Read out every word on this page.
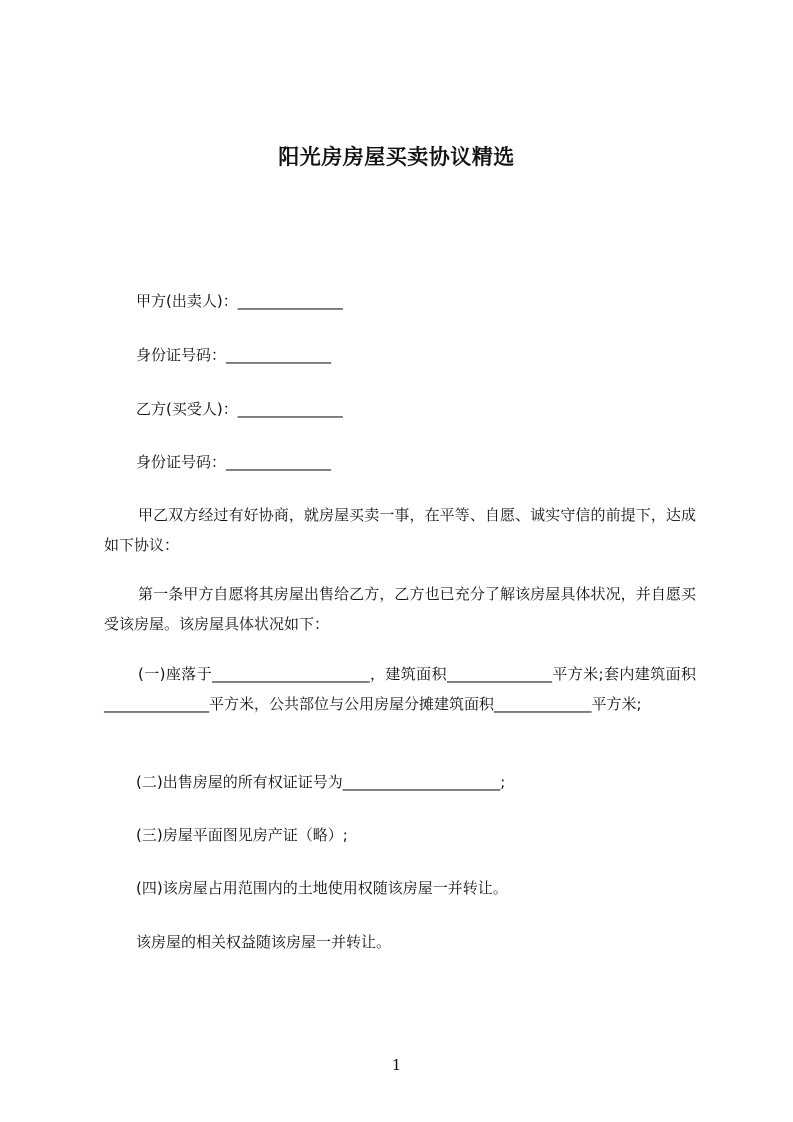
阳光房房屋买卖协议精选
甲方(出卖人)：______________
身份证号码：______________
乙方(买受人)：______________
身份证号码：______________
甲乙双方经过有好协商，就房屋买卖一事，在平等、自愿、诚实守信的前提下，达成如下协议：
第一条甲方自愿将其房屋出售给乙方，乙方也已充分了解该房屋具体状况，并自愿买受该房屋。该房屋具体状况如下：
(一)座落于_____________________，建筑面积______________平方米;套内建筑面积______________平方米，公共部位与公用房屋分摊建筑面积_____________平方米;
(二)出售房屋的所有权证证号为_____________________;
(三)房屋平面图见房产证（略）;
(四)该房屋占用范围内的土地使用权随该房屋一并转让。
该房屋的相关权益随该房屋一并转让。
1
